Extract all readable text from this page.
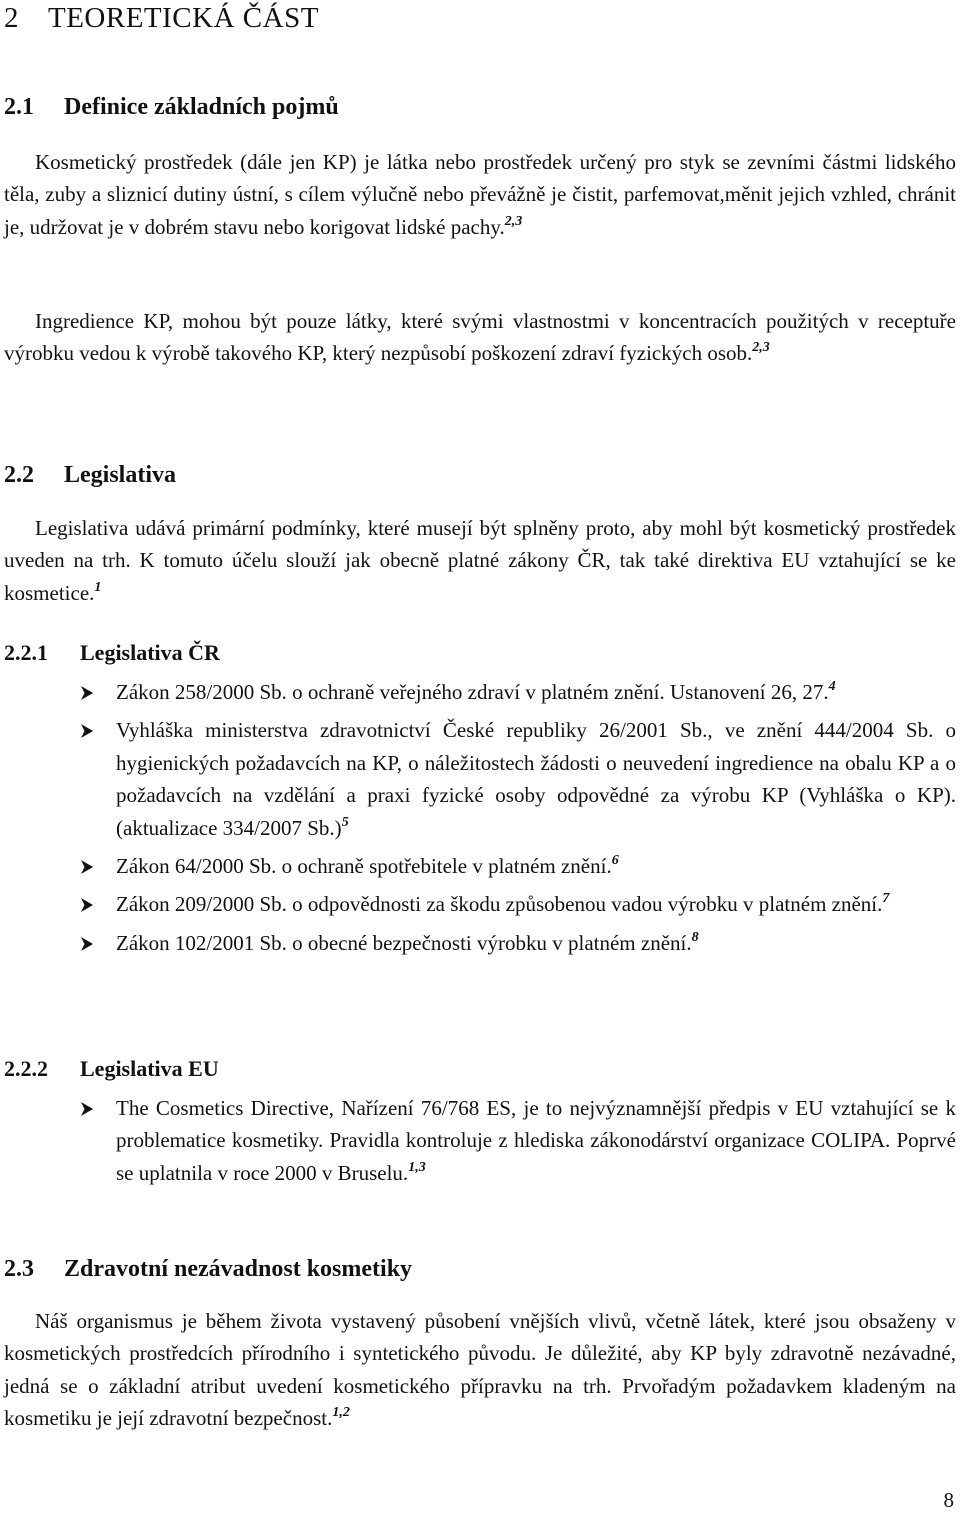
2 TEORETICKÁ ČÁST
2.1 Definice základních pojmů

Kosmetický prostředek (dále jen KP) je látka nebo prostředek určený pro styk se zevními částmi lidského těla, zuby a sliznicí dutiny ústní, s cílem výlučně nebo převážně je čistit, parfemovat,měnit jejich vzhled, chránit je, udržovat je v dobrém stavu nebo korigovat lidské pachy.$^{2,3}$

Ingredience KP, mohou být pouze látky, které svými vlastnostmi v koncentracích použitých v receptuře výrobku vedou k výrobě takového KP, který nezpůsobí poškození zdraví fyzických osob.$^{2,3}$

2.2 Legislativa

Legislativa udává primární podmínky, které musejí být splněny proto, aby mohl být kosmetický prostředek uveden na trh. K tomuto účelu slouží jak obecně platné zákony ČR, tak také direktiva EU vztahující se ke kosmetice.$^1$

2.2.1 Legislativa ČR
Zákon 258/2000 Sb. o ochraně veřejného zdraví v platném znění. Ustanovení 26, 27.$^4$
Vyhláška ministerstva zdravotnictví České republiky 26/2001 Sb., ve znění 444/2004 Sb. o hygienických požadavcích na KP, o náležitostech žádosti o neuvedení ingredience na obalu KP a o požadavcích na vzdělání a praxi fyzické osoby odpovědné za výrobu KP (Vyhláška o KP). (aktualizace 334/2007 Sb.)$^5$
Zákon 64/2000 Sb. o ochraně spotřebitele v platném znění.$^6$
Zákon 209/2000 Sb. o odpovědnosti za škodu způsobenou vadou výrobku v platném znění.$^7$
Zákon 102/2001 Sb. o obecné bezpečnosti výrobku v platném znění.$^8$
2.2.2 Legislativa EU
The Cosmetics Directive, Nařízení 76/768 ES, je to nejvýznamnější předpis v EU vztahující se k problematice kosmetiky. Pravidla kontroluje z hlediska zákonodárství organizace COLIPA. Poprvé se uplatnila v roce 2000 v Bruselu.$^{1,3}$
2.3 Zdravotní nezávadnost kosmetiky

Náš organismus je během života vystavený působení vnějších vlivů, včetně látek, které jsou obsaženy v kosmetických prostředcích přírodního i syntetického původu. Je důležité, aby KP byly zdravotně nezávadné, jedná se o základní atribut uvedení kosmetického přípravku na trh. Prvořadým požadavkem kladeným na kosmetiku je její zdravotní bezpečnost.$^{1,2}$

8
